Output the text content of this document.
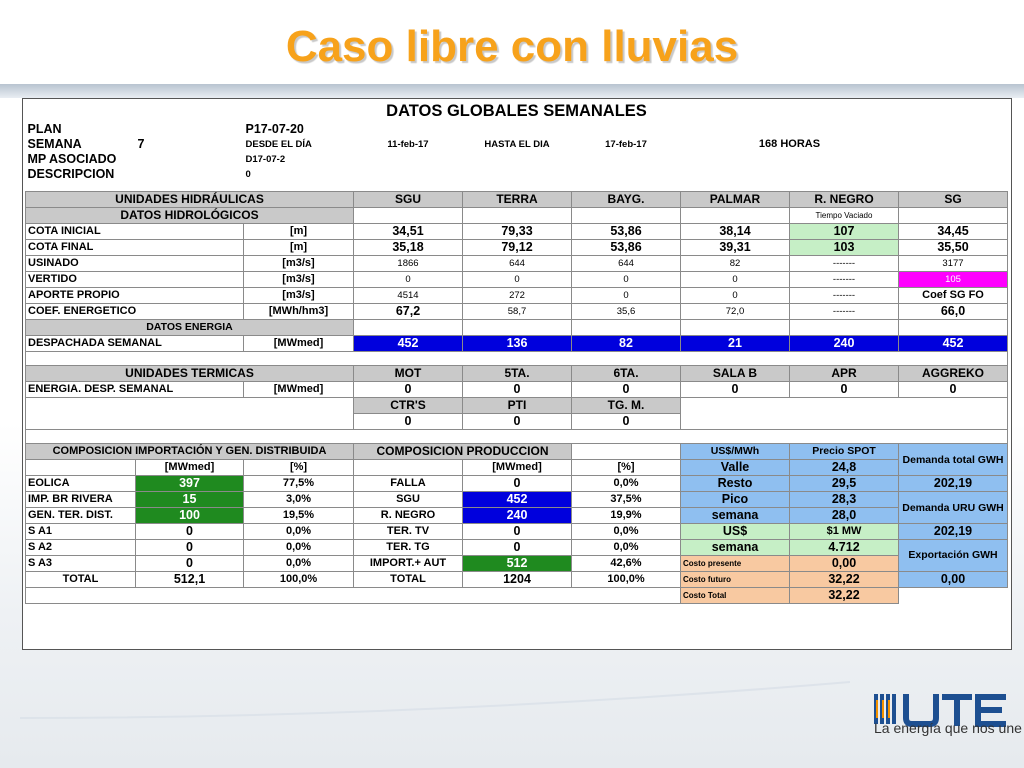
Caso libre con lluvias
DATOS GLOBALES SEMANALES								
PLAN		P17-07-20						
SEMANA	7	DESDE EL DÍA	11-feb-17	HASTA EL DIA	17-feb-17	168 HORAS		
MP ASOCIADO		D17-07-2						
DESCRIPCION		0						

UNIDADES HIDRÁULICAS			SGU	TERRA	BAYG.	PALMAR	R. NEGRO	SG
DATOS HIDROLÓGICOS							Tiempo Vaciado	
COTA INICIAL		[m]	34,51	79,33	53,86	38,14	107	34,45
COTA FINAL		[m]	35,18	79,12	53,86	39,31	103	35,50
USINADO		[m3/s]	1866	644	644	82	-------	3177
VERTIDO		[m3/s]	0	0	0	0	-------	105
APORTE PROPIO		[m3/s]	4514	272	0	0	-------	Coef SG FO
COEF. ENERGETICO		[MWh/hm3]	67,2	58,7	35,6	72,0	-------	66,0
DATOS ENERGIA								
DESPACHADA SEMANAL		[MWmed]	452	136	82	21	240	452

UNIDADES TERMICAS			MOT	5TA.	6TA.	SALA B	APR	AGGREKO
ENERGIA. DESP. SEMANAL		[MWmed]	0	0	0	0	0	0
			CTR'S	PTI	TG. M.			
			0	0	0			

COMPOSICION IMPORTACIÓN Y GEN. DISTRIBUIDA			COMPOSICION PRODUCCION			US$/MWh	Precio SPOT	Demanda total GWH
	[MWmed]	[%]		[MWmed]	[%]	Valle	24,8	
EOLICA	397	77,5%	FALLA	0	0,0%	Resto	29,5	202,19
IMP. BR RIVERA	15	3,0%	SGU	452	37,5%	Pico	28,3	Demanda URU GWH
GEN. TER. DIST.	100	19,5%	R. NEGRO	240	19,9%	semana	28,0	
S A1	0	0,0%	TER. TV	0	0,0%	US$	$1 MW	202,19
S A2	0	0,0%	TER. TG	0	0,0%	semana	4.712	Exportación GWH
S A3	0	0,0%	IMPORT.+ AUT	512	42,6%	Costo presente	0,00	
TOTAL	512,1	100,0%	TOTAL	1204	100,0%	Costo futuro	32,22	0,00
						Costo Total	32,22	
La energía que nos une
